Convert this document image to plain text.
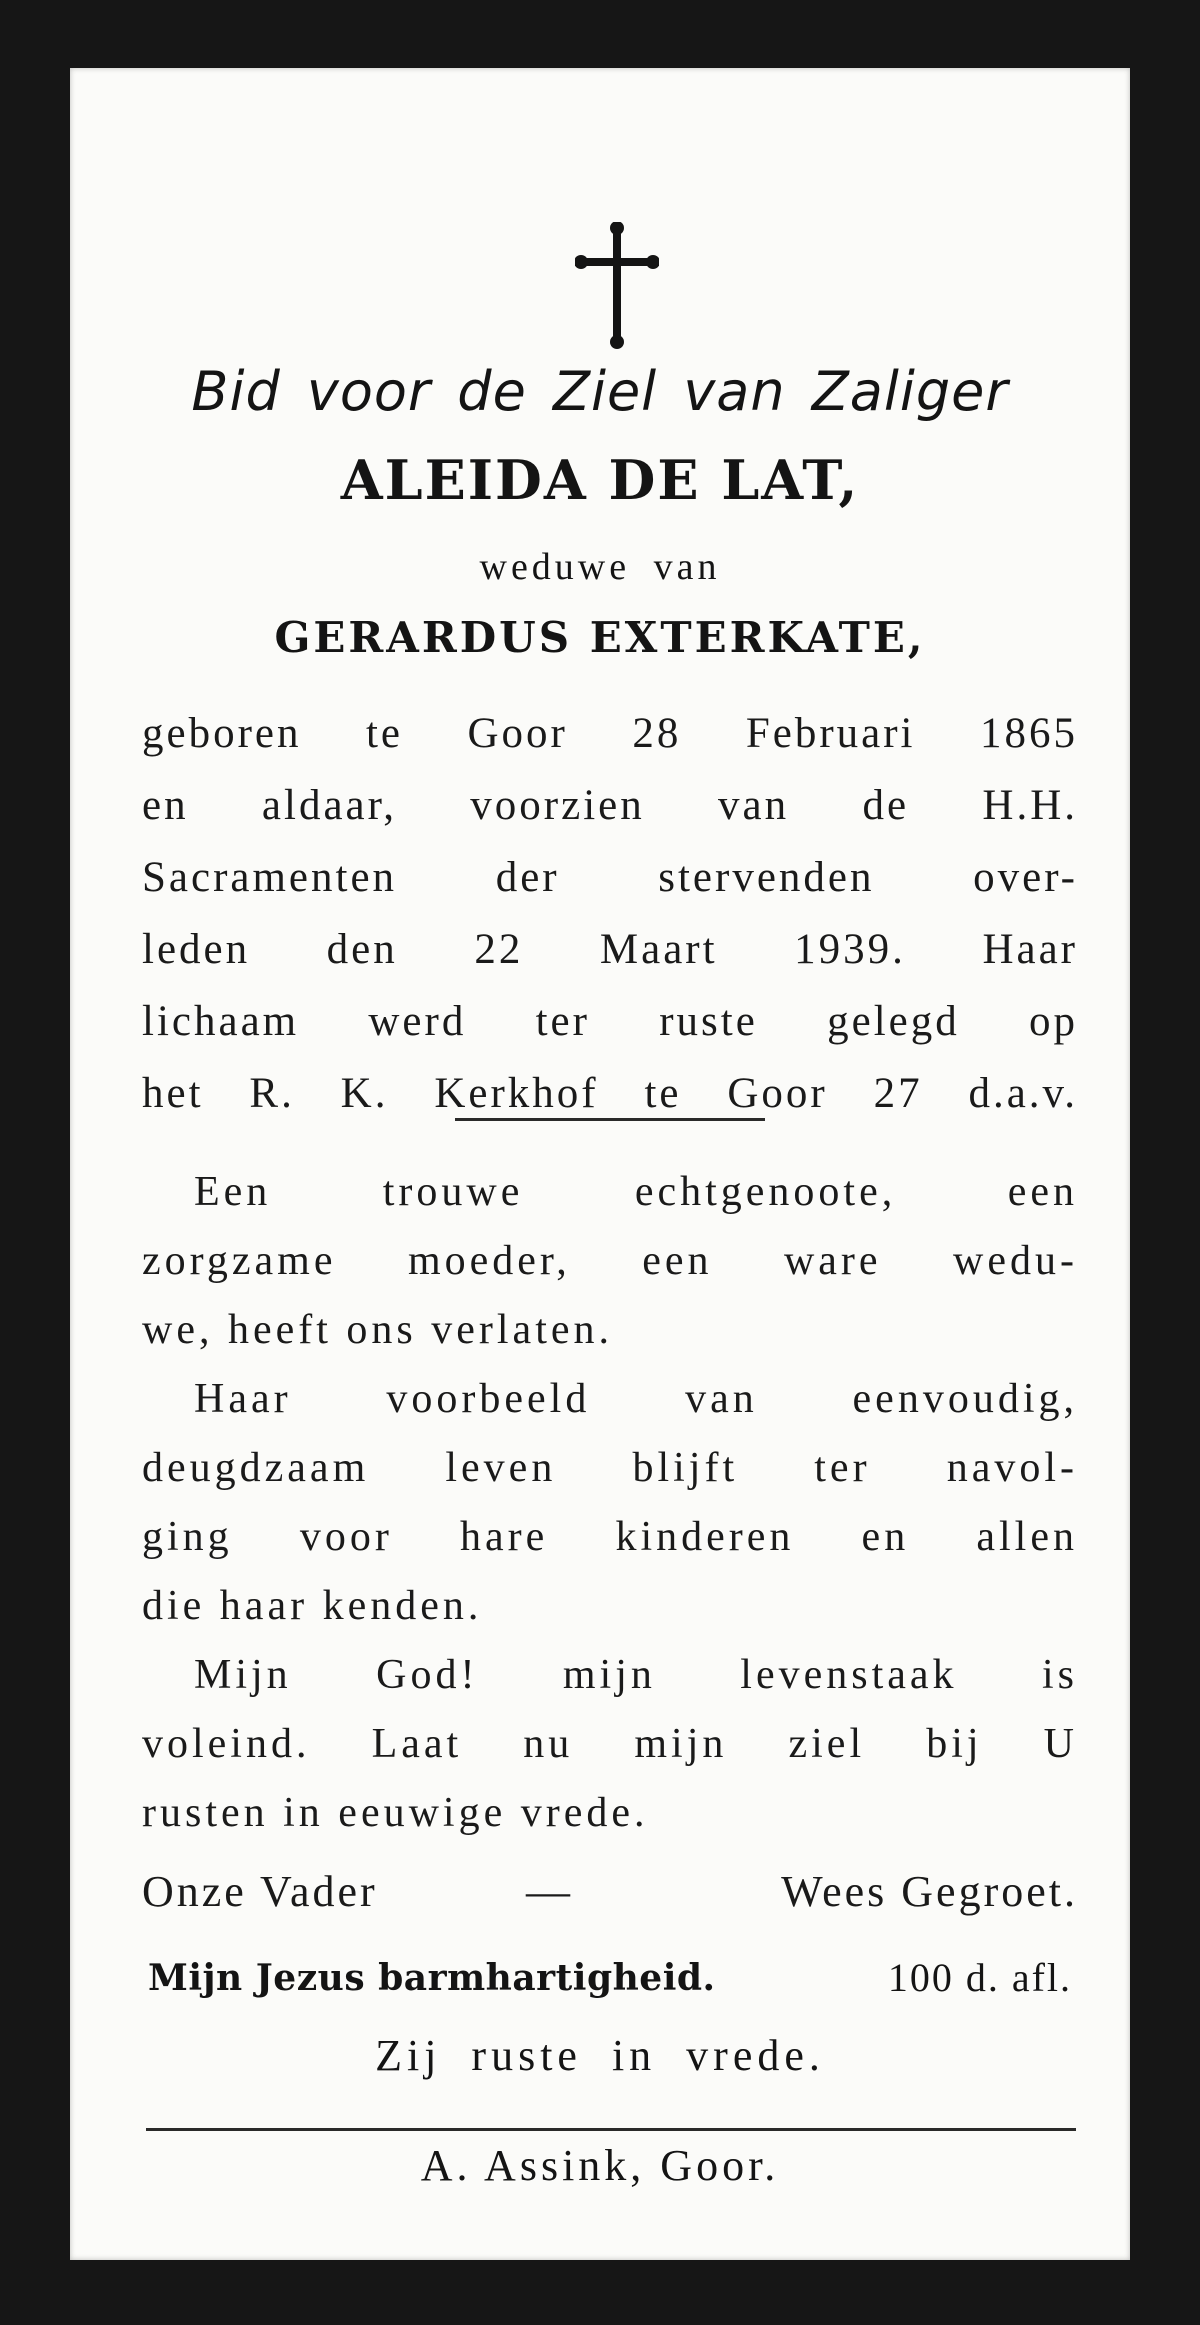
Bid voor de Ziel van Zaliger
ALEIDA DE LAT,
weduwe van
GERARDUS EXTERKATE,
geboren te Goor 28 Februari 1865
en aldaar, voorzien van de H.H.
Sacramenten der stervenden over-
leden den 22 Maart 1939. Haar
lichaam werd ter ruste gelegd op
het R. K. Kerkhof te Goor 27 d.a.v.
Een trouwe echtgenoote, een
zorgzame moeder, een ware wedu-
we, heeft ons verlaten.
Haar voorbeeld van eenvoudig,
deugdzaam leven blijft ter navol-
ging voor hare kinderen en allen
die haar kenden.
Mijn God! mijn levenstaak is
voleind. Laat nu mijn ziel bij U
rusten in eeuwige vrede.
Onze Vader	—	Wees Gegroet.
Mijn Jezus barmhartigheid.	100 d. afl.
Zij ruste in vrede.
A. Assink, Goor.
